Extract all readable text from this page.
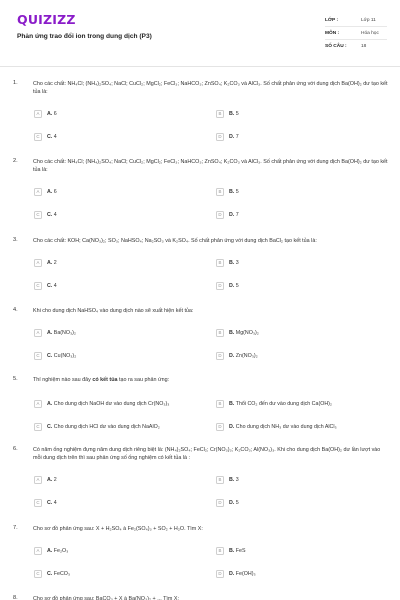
QUIZIZZ
Phản ứng trao đổi ion trong dung dịch (P3)
LỚP :	Lớp 11
MÔN :	Hóa học
SỐ CÂU :	18
1.	Cho các chất: NH₄Cl; (NH₄)₂SO₄; NaCl; CuCl₂; MgCl₂; FeCl₃; NaHCO₃; ZnSO₄; K₂CO₃ và AlCl₃. Số chất phản ứng với dung dịch Ba(OH)₂ dư tạo kết tủa là:
A	A. 6	B	B. 5
C	C. 4	D	D. 7
2.	Cho các chất: NH₄Cl; (NH₄)₂SO₄; NaCl; CuCl₂; MgCl₂; FeCl₃; NaHCO₃; ZnSO₄; K₂CO₃ và AlCl₃. Số chất phản ứng với dung dịch Ba(OH)₂ dư tạo kết tủa là:
A	A. 6	B	B. 5
C	C. 4	D	D. 7
3.	Cho các chất: KOH; Ca(NO₃)₂; SO₃; NaHSO₄; Na₂SO₃ và K₂SO₄. Số chất phản ứng với dung dịch BaCl₂ tạo kết tủa là:
A	A. 2	B	B. 3
C	C. 4	D	D. 5
4.	Khi cho dung dịch NaHSO₄ vào dung dịch nào sẽ xuất hiện kết tủa:
A	A. Ba(NO₃)₂	B	B. Mg(NO₃)₂
C	C. Cu(NO₃)₂	D	D. Zn(NO₃)₂
5.	Thí nghiệm nào sau đây có kết tủa tạo ra sau phản ứng:
A	A. Cho dung dịch NaOH dư vào dung dịch Cr(NO₃)₃	B	B. Thổi CO₂ đến dư vào dung dịch Ca(OH)₂
C	C. Cho dung dịch HCl dư vào dung dịch NaAlO₂	D	D. Cho dung dịch NH₃ dư vào dung dịch AlCl₃
6.	Có năm ống nghiệm đựng năm dung dịch riêng biệt là: (NH₄)₂SO₄; FeCl₂; Cr(NO₃)₃; K₂CO₃; Al(NO₃)₃. Khi cho dung dịch Ba(OH)₂ dư lần lượt vào mỗi dung dịch trên thì sau phản ứng số ống nghiệm có kết tủa là :
A	A. 2	B	B. 3
C	C. 4	D	D. 5
7.	Cho sơ đồ phản ứng sau: X + H₂SO₄ à Fe₂(SO₄)₃ + SO₂ + H₂O. Tìm X:
A	A. Fe₂O₃	B	B. FeS
C	C. FeCO₃	D	D. Fe(OH)₃
8.	Cho sơ đồ phản ứng sau: BaCO₃ + X à Ba(NO₃)₂ + ... Tìm X:
